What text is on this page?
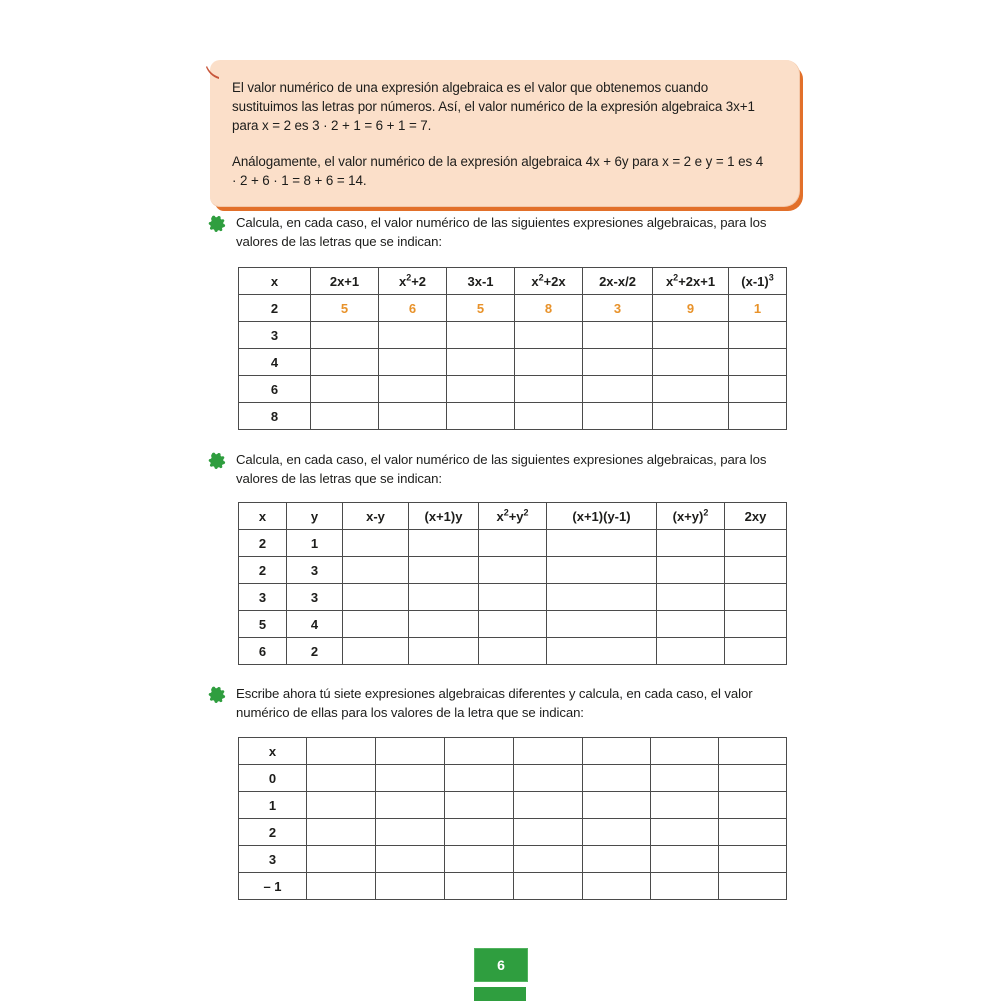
El valor numérico de una expresión algebraica es el valor que obtenemos cuando sustituimos las letras por números. Así, el valor numérico de la expresión algebraica 3x+1 para x = 2 es 3 · 2 + 1 = 6 + 1 = 7.

Análogamente, el valor numérico de la expresión algebraica 4x + 6y para x = 2 e y = 1 es 4 · 2 + 6 · 1 = 8 + 6 = 14.

Calcula, en cada caso, el valor numérico de las siguientes expresiones algebraicas, para los valores de las letras que se indican:
x	2x+1	$x^2+2$	3x-1	$x^2+2x$	2x-x/2	$x^2+2x+1$	$(x-1)^3$
2	5	6	5	8	3	9	1
3							
4							
6							
8							
Calcula, en cada caso, el valor numérico de las siguientes expresiones algebraicas, para los valores de las letras que se indican:
x	y	x-y	(x+1)y	$x^2+y^2$	(x+1)(y-1)	$(x+y)^2$	2xy
2	1						
2	3						
3	3						
5	4						
6	2						
Escribe ahora tú siete expresiones algebraicas diferentes y calcula, en cada caso, el valor numérico de ellas para los valores de la letra que se indican:
x							
0							
1							
2							
3							
– 1							
6
